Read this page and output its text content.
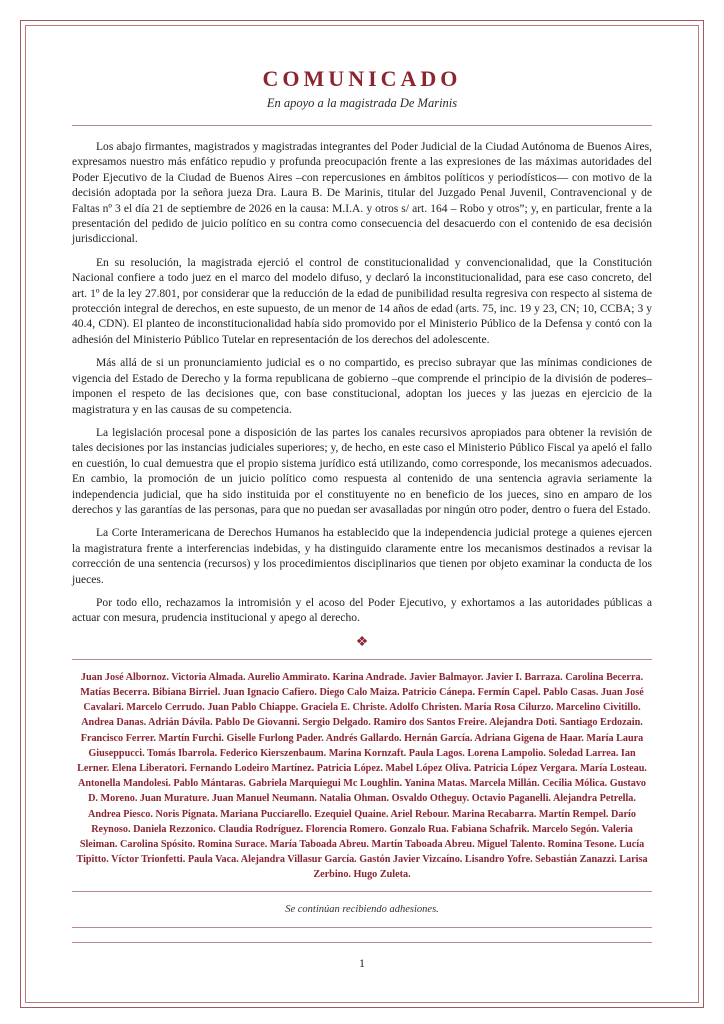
COMUNICADO

En apoyo a la magistrada De Marinis

Los abajo firmantes, magistrados y magistradas integrantes del Poder Judicial de la Ciudad Autónoma de Buenos Aires, expresamos nuestro más enfático repudio y profunda preocupación frente a las expresiones de las máximas autoridades del Poder Ejecutivo de la Ciudad de Buenos Aires –con repercusiones en ámbitos políticos y periodísticos— con motivo de la decisión adoptada por la señora jueza Dra. Laura B. De Marinis, titular del Juzgado Penal Juvenil, Contravencional y de Faltas nº 3 el día 21 de septiembre de 2026 en la causa: M.I.A. y otros s/ art. 164 – Robo y otros”; y, en particular, frente a la presentación del pedido de juicio político en su contra como consecuencia del desacuerdo con el contenido de esa decisión jurisdiccional.

En su resolución, la magistrada ejerció el control de constitucionalidad y convencionalidad, que la Constitución Nacional confiere a todo juez en el marco del modelo difuso, y declaró la inconstitucionalidad, para ese caso concreto, del art. 1º de la ley 27.801, por considerar que la reducción de la edad de punibilidad resulta regresiva con respecto al sistema de protección integral de derechos, en este supuesto, de un menor de 14 años de edad (arts. 75, inc. 19 y 23, CN; 10, CCBA; 3 y 40.4, CDN). El planteo de inconstitucionalidad había sido promovido por el Ministerio Público de la Defensa y contó con la adhesión del Ministerio Público Tutelar en representación de los derechos del adolescente.

Más allá de si un pronunciamiento judicial es o no compartido, es preciso subrayar que las mínimas condiciones de vigencia del Estado de Derecho y la forma republicana de gobierno –que comprende el principio de la división de poderes– imponen el respeto de las decisiones que, con base constitucional, adoptan los jueces y las juezas en ejercicio de la magistratura y en las causas de su competencia.

La legislación procesal pone a disposición de las partes los canales recursivos apropiados para obtener la revisión de tales decisiones por las instancias judiciales superiores; y, de hecho, en este caso el Ministerio Público Fiscal ya apeló el fallo en cuestión, lo cual demuestra que el propio sistema jurídico está utilizando, como corresponde, los mecanismos adecuados. En cambio, la promoción de un juicio político como respuesta al contenido de una sentencia agravia seriamente la independencia judicial, que ha sido instituida por el constituyente no en beneficio de los jueces, sino en amparo de los derechos y las garantías de las personas, para que no puedan ser avasalladas por ningún otro poder, dentro o fuera del Estado.

La Corte Interamericana de Derechos Humanos ha establecido que la independencia judicial protege a quienes ejercen la magistratura frente a interferencias indebidas, y ha distinguido claramente entre los mecanismos destinados a revisar la corrección de una sentencia (recursos) y los procedimientos disciplinarios que tienen por objeto examinar la conducta de los jueces.

Por todo ello, rechazamos la intromisión y el acoso del Poder Ejecutivo, y exhortamos a las autoridades públicas a actuar con mesura, prudencia institucional y apego al derecho.

❖
Juan José Albornoz. Victoria Almada. Aurelio Ammirato. Karina Andrade. Javier Balmayor. Javier I. Barraza. Carolina Becerra. Matías Becerra. Bibiana Birriel. Juan Ignacio Cafiero. Diego Calo Maiza. Patricio Cánepa. Fermín Capel. Pablo Casas. Juan José Cavalari. Marcelo Cerrudo. Juan Pablo Chiappe. Graciela E. Christe. Adolfo Christen. María Rosa Cilurzo. Marcelino Civitillo. Andrea Danas. Adrián Dávila. Pablo De Giovanni. Sergio Delgado. Ramiro dos Santos Freire. Alejandra Doti. Santiago Erdozain. Francisco Ferrer. Martín Furchi. Giselle Furlong Pader. Andrés Gallardo. Hernán García. Adriana Gigena de Haar. María Laura Giuseppucci. Tomás Ibarrola. Federico Kierszenbaum. Marina Kornzaft. Paula Lagos. Lorena Lampolio. Soledad Larrea. Ian Lerner. Elena Liberatori. Fernando Lodeiro Martínez. Patricia López. Mabel López Oliva. Patricia López Vergara. María Losteau. Antonella Mandolesi. Pablo Mántaras. Gabriela Marquiegui Mc Loughlin. Yanina Matas. Marcela Millán. Cecilia Mólica. Gustavo D. Moreno. Juan Murature. Juan Manuel Neumann. Natalia Ohman. Osvaldo Otheguy. Octavio Paganelli. Alejandra Petrella. Andrea Piesco. Noris Pignata. Mariana Pucciarello. Ezequiel Quaine. Ariel Rebour. Marina Recabarra. Martín Rempel. Darío Reynoso. Daniela Rezzonico. Claudia Rodríguez. Florencia Romero. Gonzalo Rua. Fabiana Schafrik. Marcelo Segón. Valeria Sleiman. Carolina Spósito. Romina Surace. María Taboada Abreu. Martín Taboada Abreu. Miguel Talento. Romina Tesone. Lucía Tipitto. Víctor Trionfetti. Paula Vaca. Alejandra Villasur García. Gastón Javier Vizcaíno. Lisandro Yofre. Sebastián Zanazzi. Larisa Zerbino. Hugo Zuleta.

Se continúan recibiendo adhesiones.

1
